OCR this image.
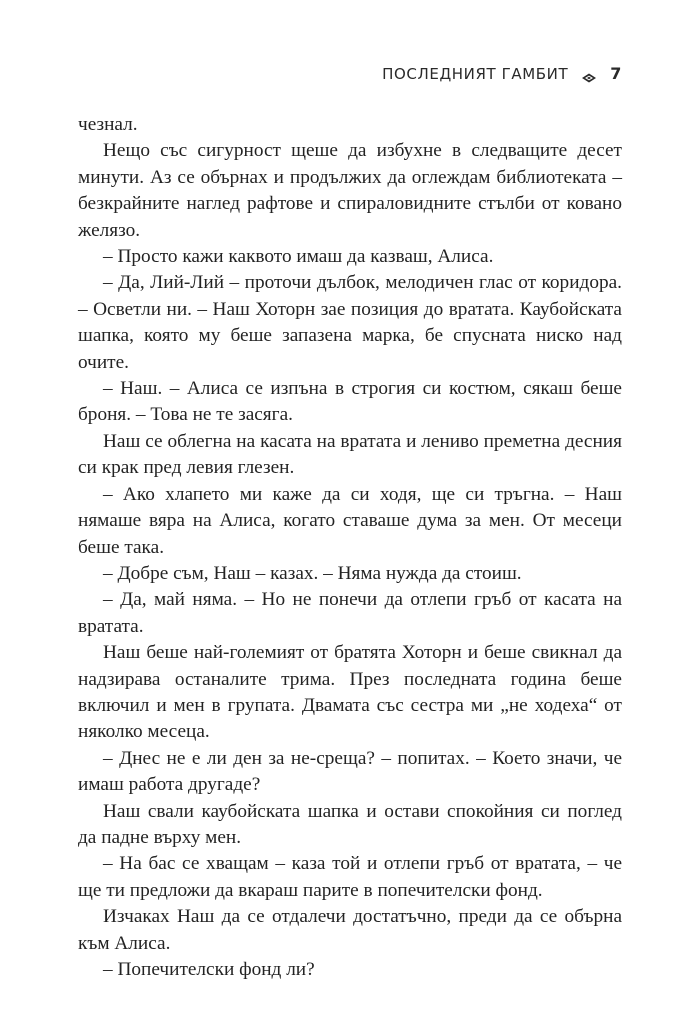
ПОСЛЕДНИЯТ ГАМБИТ	7

чезнал.

Нещо със сигурност щеше да избухне в следващите десет минути. Аз се обърнах и продължих да оглеждам библиотеката – безкрайните наглед рафтове и спираловидните стълби от ковано желязо.

– Просто кажи каквото имаш да казваш, Алиса.

– Да, Лий-Лий – проточи дълбок, мелодичен глас от коридора. – Осветли ни. – Наш Хоторн зае позиция до вратата. Каубойската шапка, която му беше запазена марка, бе спусната ниско над очите.

– Наш. – Алиса се изпъна в строгия си костюм, сякаш беше броня. – Това не те засяга.

Наш се облегна на касата на вратата и лениво преметна десния си крак пред левия глезен.

– Ако хлапето ми каже да си ходя, ще си тръгна. – Наш нямаше вяра на Алиса, когато ставаше дума за мен. От месеци беше така.

– Добре съм, Наш – казах. – Няма нужда да стоиш.

– Да, май няма. – Но не понечи да отлепи гръб от касата на вратата.

Наш беше най-големият от братята Хоторн и беше свикнал да надзирава останалите трима. През последната година беше включил и мен в групата. Двамата със сестра ми „не ходеха“ от няколко месеца.

– Днес не е ли ден за не-среща? – попитах. – Което значи, че имаш работа другаде?

Наш свали каубойската шапка и остави спокойния си поглед да падне върху мен.

– На бас се хващам – каза той и отлепи гръб от вратата, – че ще ти предложи да вкараш парите в попечителски фонд.

Изчаках Наш да се отдалечи достатъчно, преди да се обърна към Алиса.

– Попечителски фонд ли?
